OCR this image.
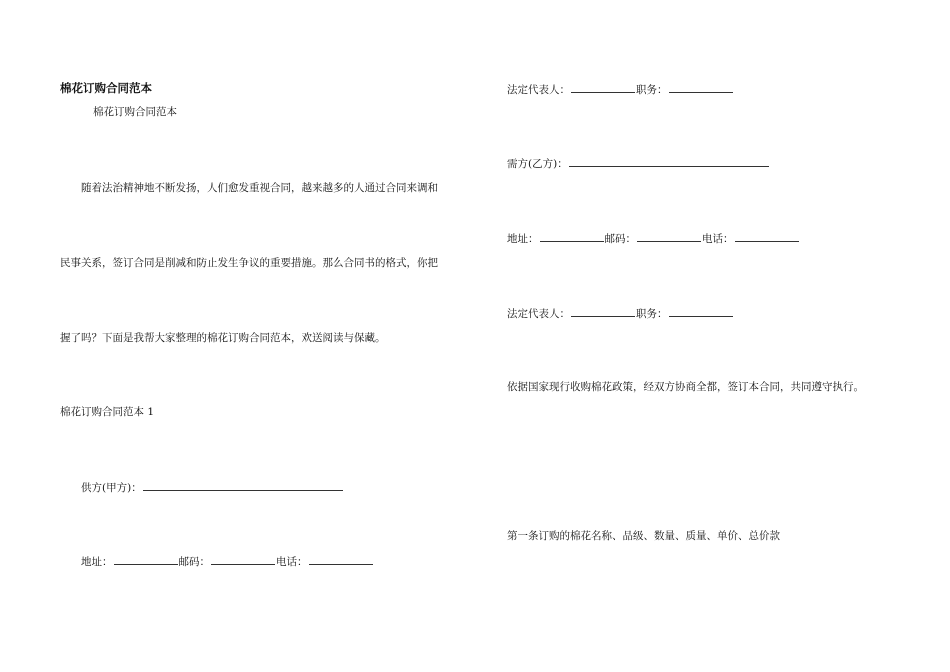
棉花订购合同范本

棉花订购合同范本

随着法治精神地不断发扬，人们愈发重视合同，越来越多的人通过合同来调和

民事关系，签订合同是削减和防止发生争议的重要措施。那么合同书的格式，你把

握了吗？下面是我帮大家整理的棉花订购合同范本，欢送阅读与保藏。

棉花订购合同范本 1

供方(甲方)：

地址：	邮码：	电话：

法定代表人：	职务：

需方(乙方)：

地址：	邮码：	电话：

法定代表人：	职务：

依据国家现行收购棉花政策，经双方协商全都，签订本合同，共同遵守执行。

第一条订购的棉花名称、品级、数量、质量、单价、总价款
